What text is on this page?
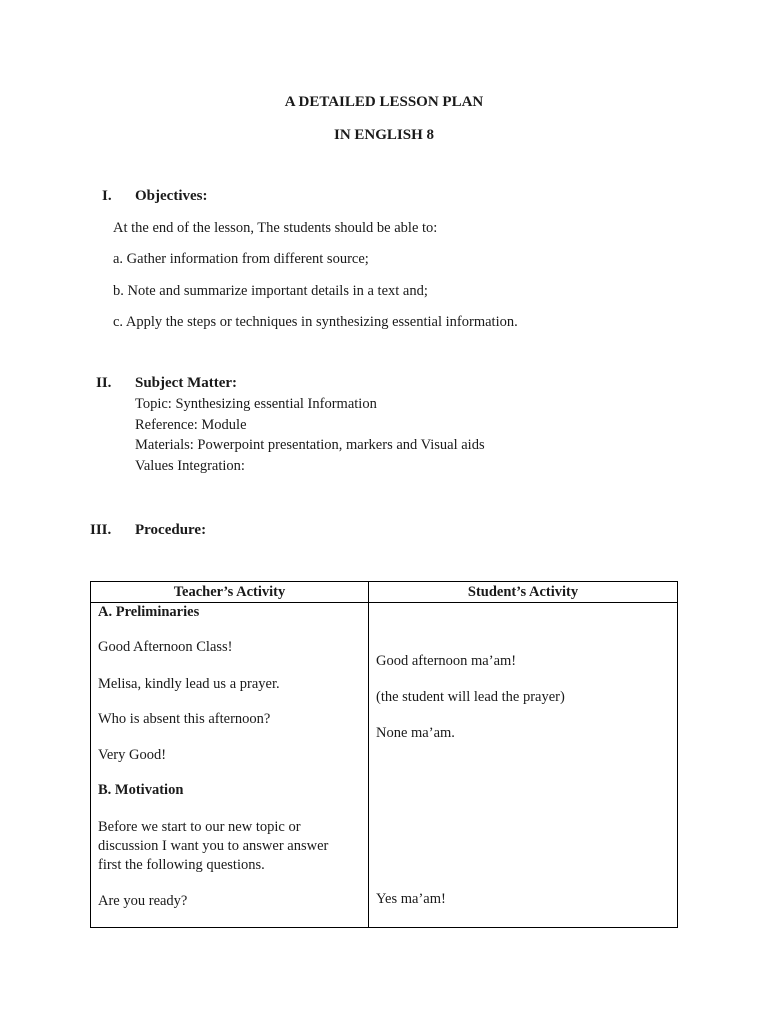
A DETAILED LESSON PLAN
IN ENGLISH 8
I. Objectives:
At the end of the lesson, The students should be able to:
a. Gather information from different source;
b. Note and summarize important details in a text and;
c. Apply the steps or techniques in synthesizing essential information.
II. Subject Matter:
Topic: Synthesizing essential Information
Reference: Module
Materials: Powerpoint presentation, markers and Visual aids
Values Integration:
III. Procedure:
Teacher’s Activity	Student’s Activity
A. Preliminaries
Good Afternoon Class!
Melisa, kindly lead us a prayer.
Who is absent this afternoon?
Very Good!
B. Motivation
Before we start to our new topic or
discussion I want you to answer answer
first the following questions.
Are you ready?
Good afternoon ma’am!
(the student will lead the prayer)
None ma’am.
Yes ma’am!
